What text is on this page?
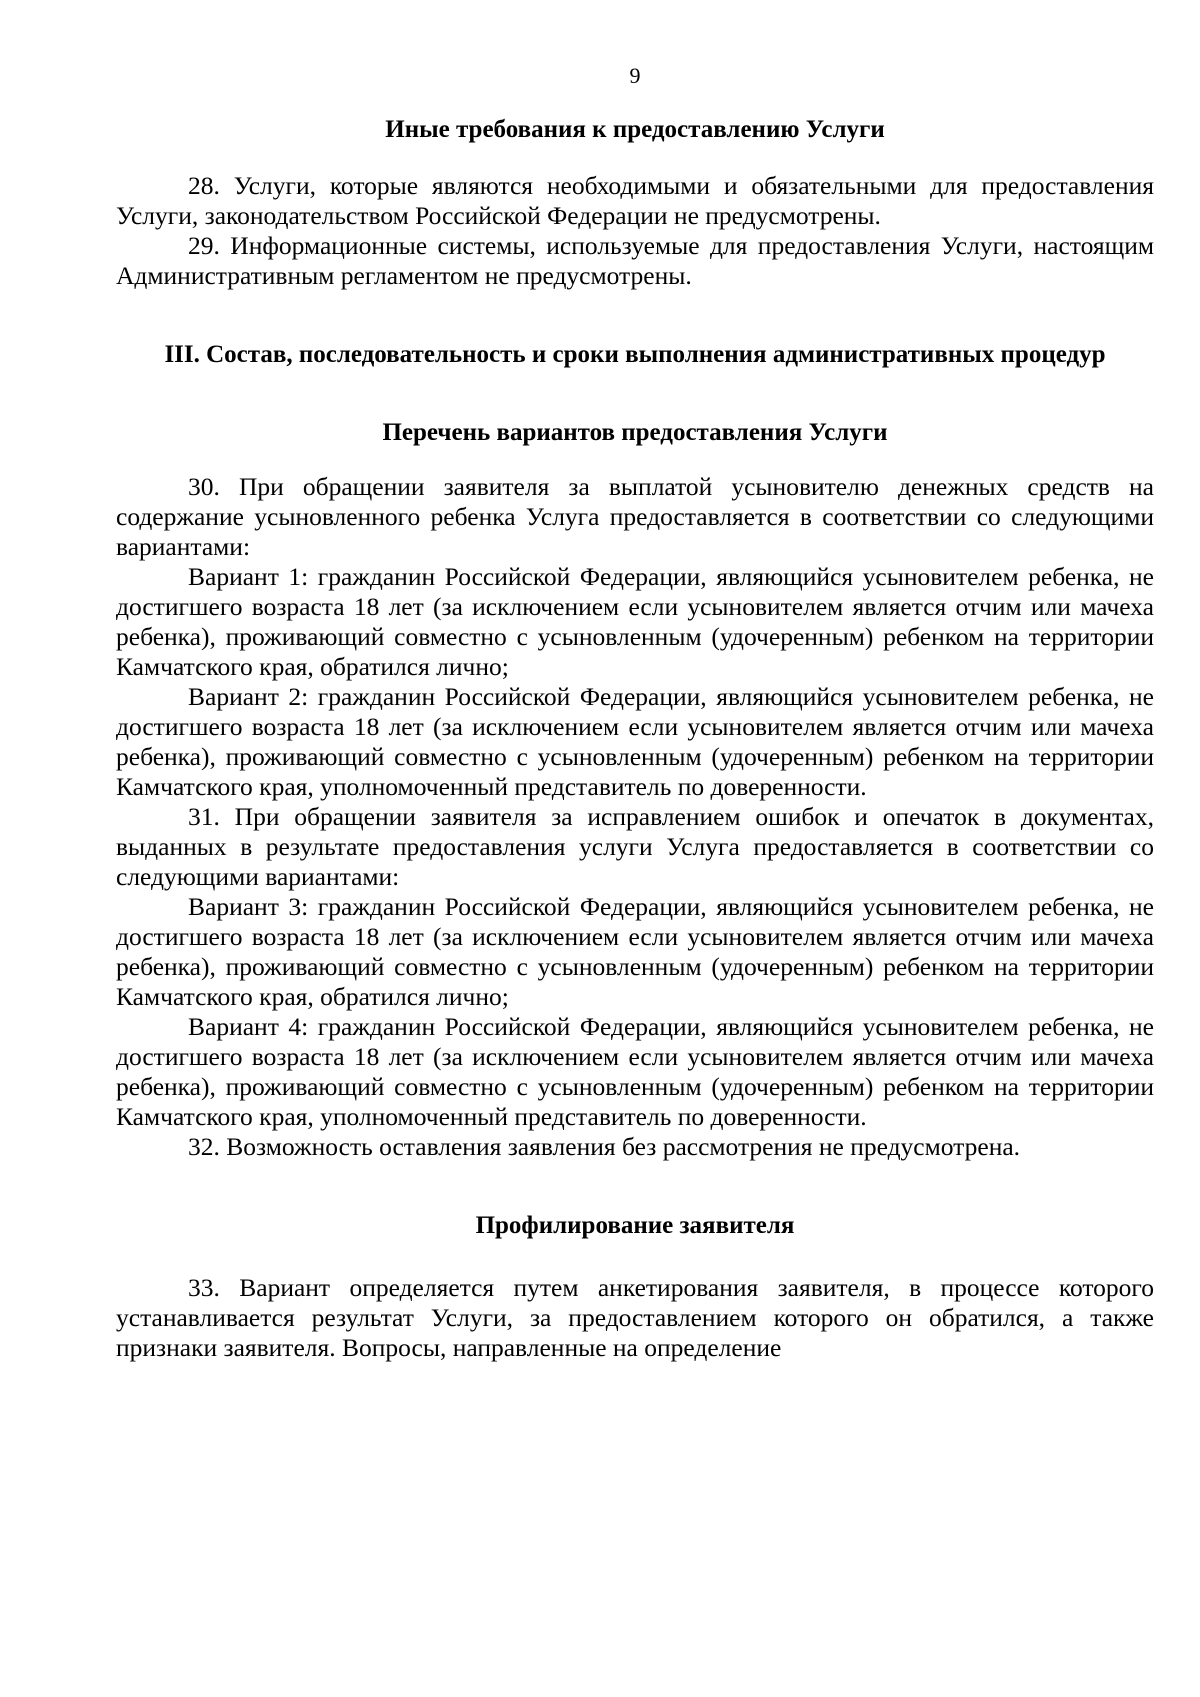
9
Иные требования к предоставлению Услуги

28. Услуги, которые являются необходимыми и обязательными для предоставления Услуги, законодательством Российской Федерации не предусмотрены.

29. Информационные системы, используемые для предоставления Услуги, настоящим Административным регламентом не предусмотрены.

III. Состав, последовательность и сроки выполнения административных процедур
Перечень вариантов предоставления Услуги

30. При обращении заявителя за выплатой усыновителю денежных средств на содержание усыновленного ребенка Услуга предоставляется в соответствии со следующими вариантами:

Вариант 1: гражданин Российской Федерации, являющийся усыновителем ребенка, не достигшего возраста 18 лет (за исключением если усыновителем является отчим или мачеха ребенка), проживающий совместно с усыновленным (удочеренным) ребенком на территории Камчатского края, обратился лично;

Вариант 2: гражданин Российской Федерации, являющийся усыновителем ребенка, не достигшего возраста 18 лет (за исключением если усыновителем является отчим или мачеха ребенка), проживающий совместно с усыновленным (удочеренным) ребенком на территории Камчатского края, уполномоченный представитель по доверенности.

31. При обращении заявителя за исправлением ошибок и опечаток в документах, выданных в результате предоставления услуги Услуга предоставляется в соответствии со следующими вариантами:

Вариант 3: гражданин Российской Федерации, являющийся усыновителем ребенка, не достигшего возраста 18 лет (за исключением если усыновителем является отчим или мачеха ребенка), проживающий совместно с усыновленным (удочеренным) ребенком на территории Камчатского края, обратился лично;

Вариант 4: гражданин Российской Федерации, являющийся усыновителем ребенка, не достигшего возраста 18 лет (за исключением если усыновителем является отчим или мачеха ребенка), проживающий совместно с усыновленным (удочеренным) ребенком на территории Камчатского края, уполномоченный представитель по доверенности.

32. Возможность оставления заявления без рассмотрения не предусмотрена.

Профилирование заявителя

33. Вариант определяется путем анкетирования заявителя, в процессе которого устанавливается результат Услуги, за предоставлением которого он обратился, а также признаки заявителя. Вопросы, направленные на определение
